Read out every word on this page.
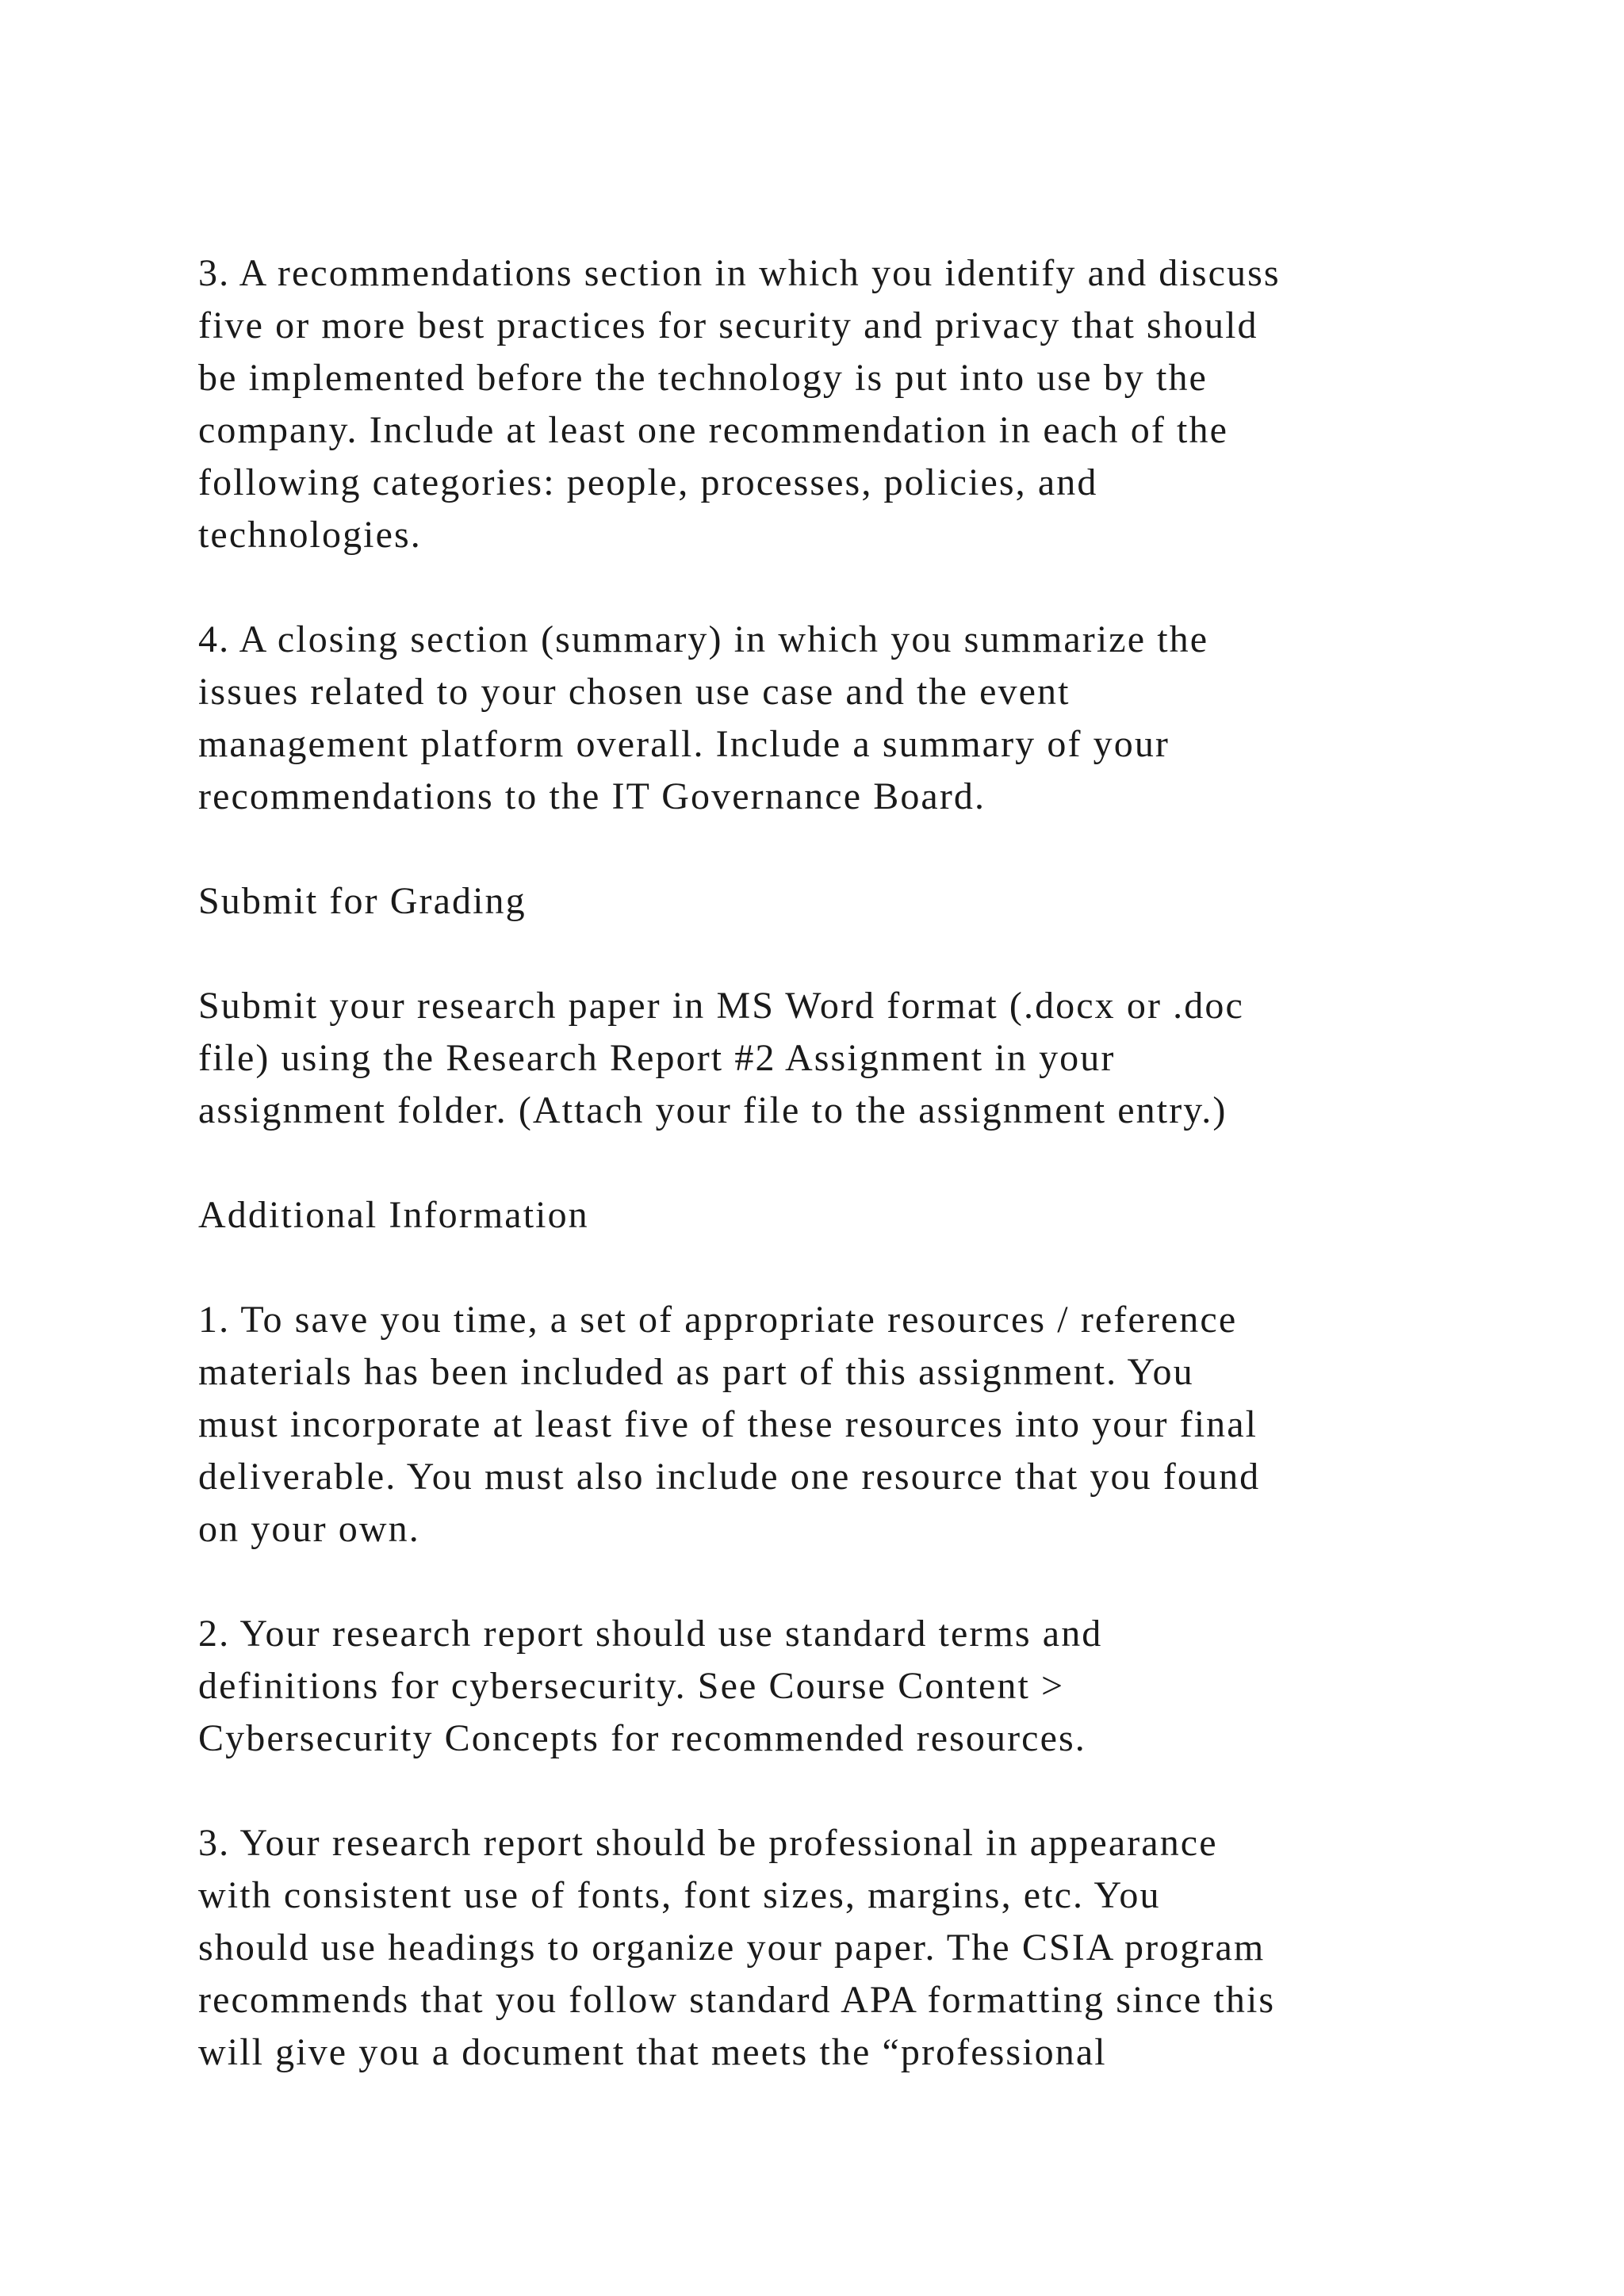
3. A recommendations section in which you identify and discuss
five or more best practices for security and privacy that should
be implemented before the technology is put into use by the
company. Include at least one recommendation in each of the
following categories: people, processes, policies, and
technologies.

4. A closing section (summary) in which you summarize the
issues related to your chosen use case and the event
management platform overall. Include a summary of your
recommendations to the IT Governance Board.

Submit for Grading

Submit your research paper in MS Word format (.docx or .doc
file) using the Research Report #2 Assignment in your
assignment folder. (Attach your file to the assignment entry.)

Additional Information

1. To save you time, a set of appropriate resources / reference
materials has been included as part of this assignment. You
must incorporate at least five of these resources into your final
deliverable. You must also include one resource that you found
on your own.

2. Your research report should use standard terms and
definitions for cybersecurity. See Course Content >
Cybersecurity Concepts for recommended resources.

3. Your research report should be professional in appearance
with consistent use of fonts, font sizes, margins, etc. You
should use headings to organize your paper. The CSIA program
recommends that you follow standard APA formatting since this
will give you a document that meets the “professional
